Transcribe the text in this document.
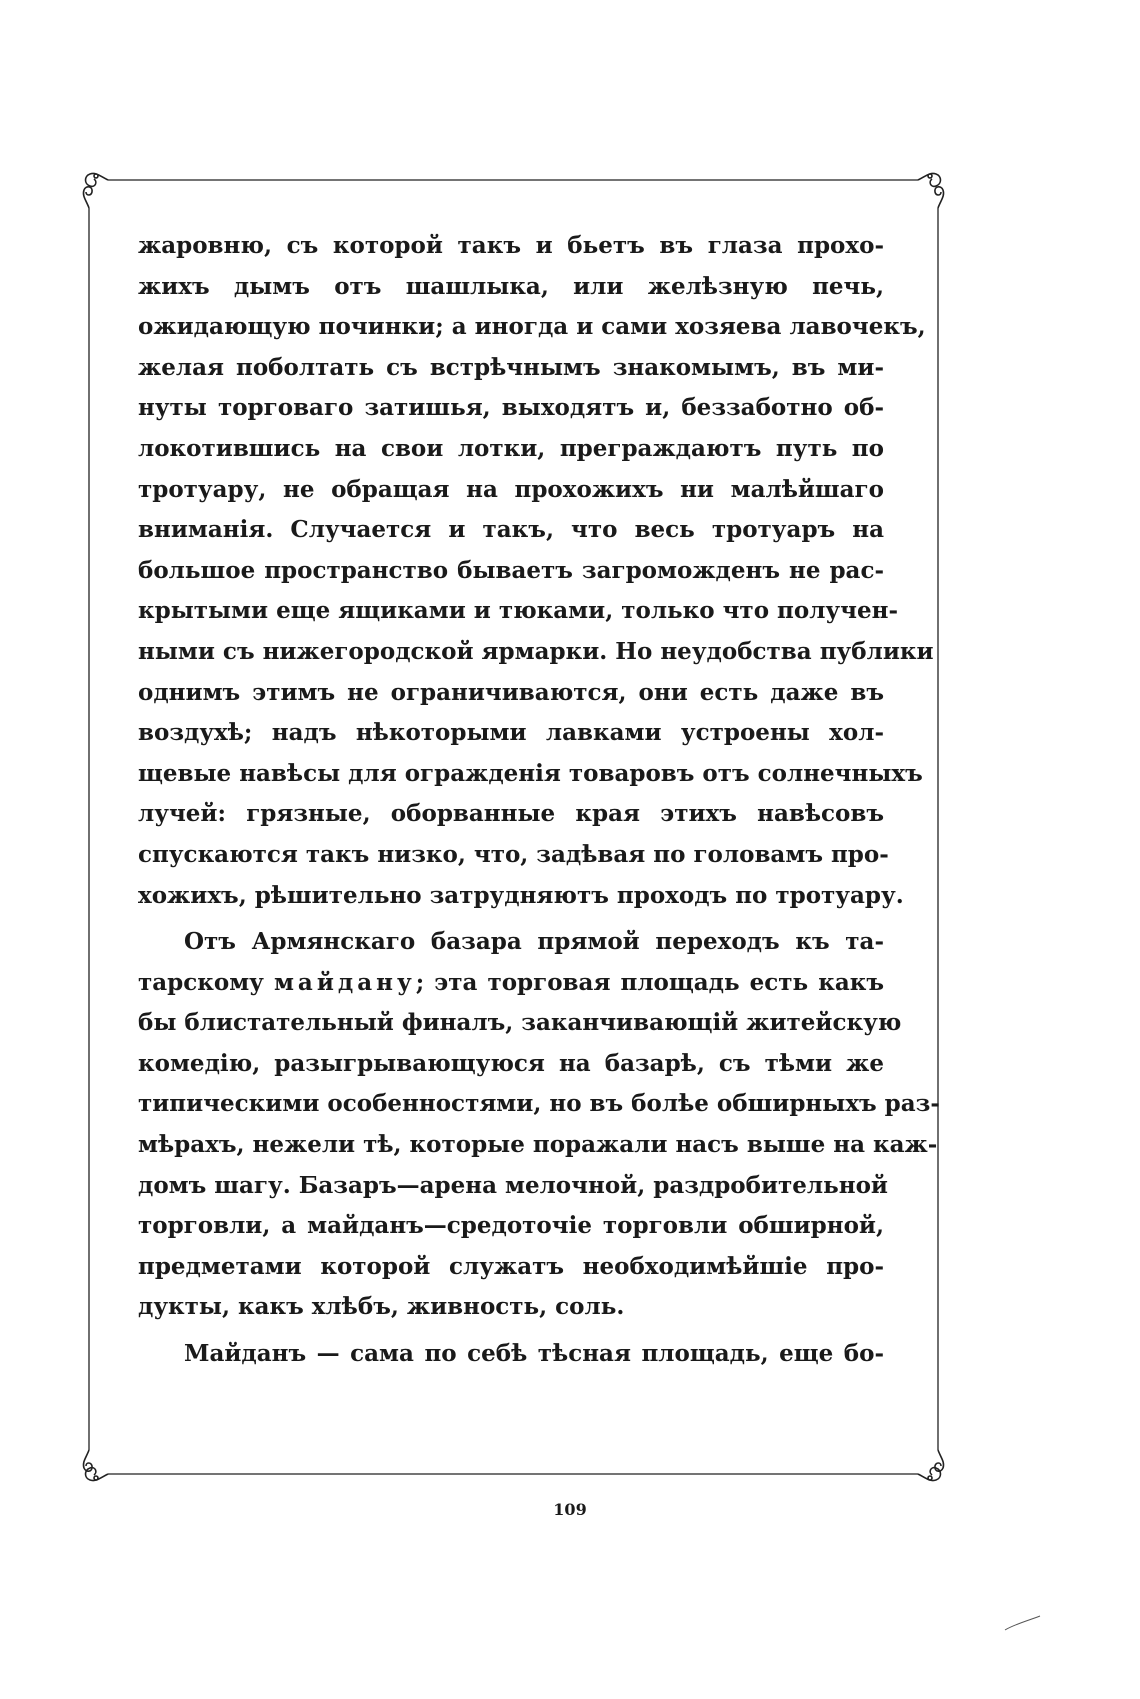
жаровню, съ которой такъ и бьетъ въ глаза прохо-
жихъ дымъ отъ шашлыка, или желѣзную печь,
ожидающую починки; а иногда и сами хозяева лавочекъ,
желая поболтать съ встрѣчнымъ знакомымъ, въ ми-
нуты торговаго затишья, выходятъ и, беззаботно об-
локотившись на свои лотки, преграждаютъ путь по
тротуару, не обращая на прохожихъ ни малѣйшаго
вниманія. Случается и такъ, что весь тротуаръ на
большое пространство бываетъ загроможденъ не рас-
крытыми еще ящиками и тюками, только что получен-
ными съ нижегородской ярмарки. Но неудобства публики
однимъ этимъ не ограничиваются, они есть даже въ
воздухѣ; надъ нѣкоторыми лавками устроены хол-
щевые навѣсы для огражденія товаровъ отъ солнечныхъ
лучей: грязные, оборванные края этихъ навѣсовъ
спускаются такъ низко, что, задѣвая по головамъ про-
хожихъ, рѣшительно затрудняютъ проходъ по тротуару.
Отъ Армянскаго базара прямой переходъ къ та-
тарскому майдану; эта торговая площадь есть какъ
бы блистательный финалъ, заканчивающій житейскую
комедію, разыгрывающуюся на базарѣ, съ тѣми же
типическими особенностями, но въ болѣе обширныхъ раз-
мѣрахъ, нежели тѣ, которые поражали насъ выше на каж-
домъ шагу. Базаръ—арена мелочной, раздробительной
торговли, а майданъ—средоточіе торговли обширной,
предметами которой служатъ необходимѣйшіе про-
дукты, какъ хлѣбъ, живность, соль.
Майданъ — сама по себѣ тѣсная площадь, еще бо-
109
